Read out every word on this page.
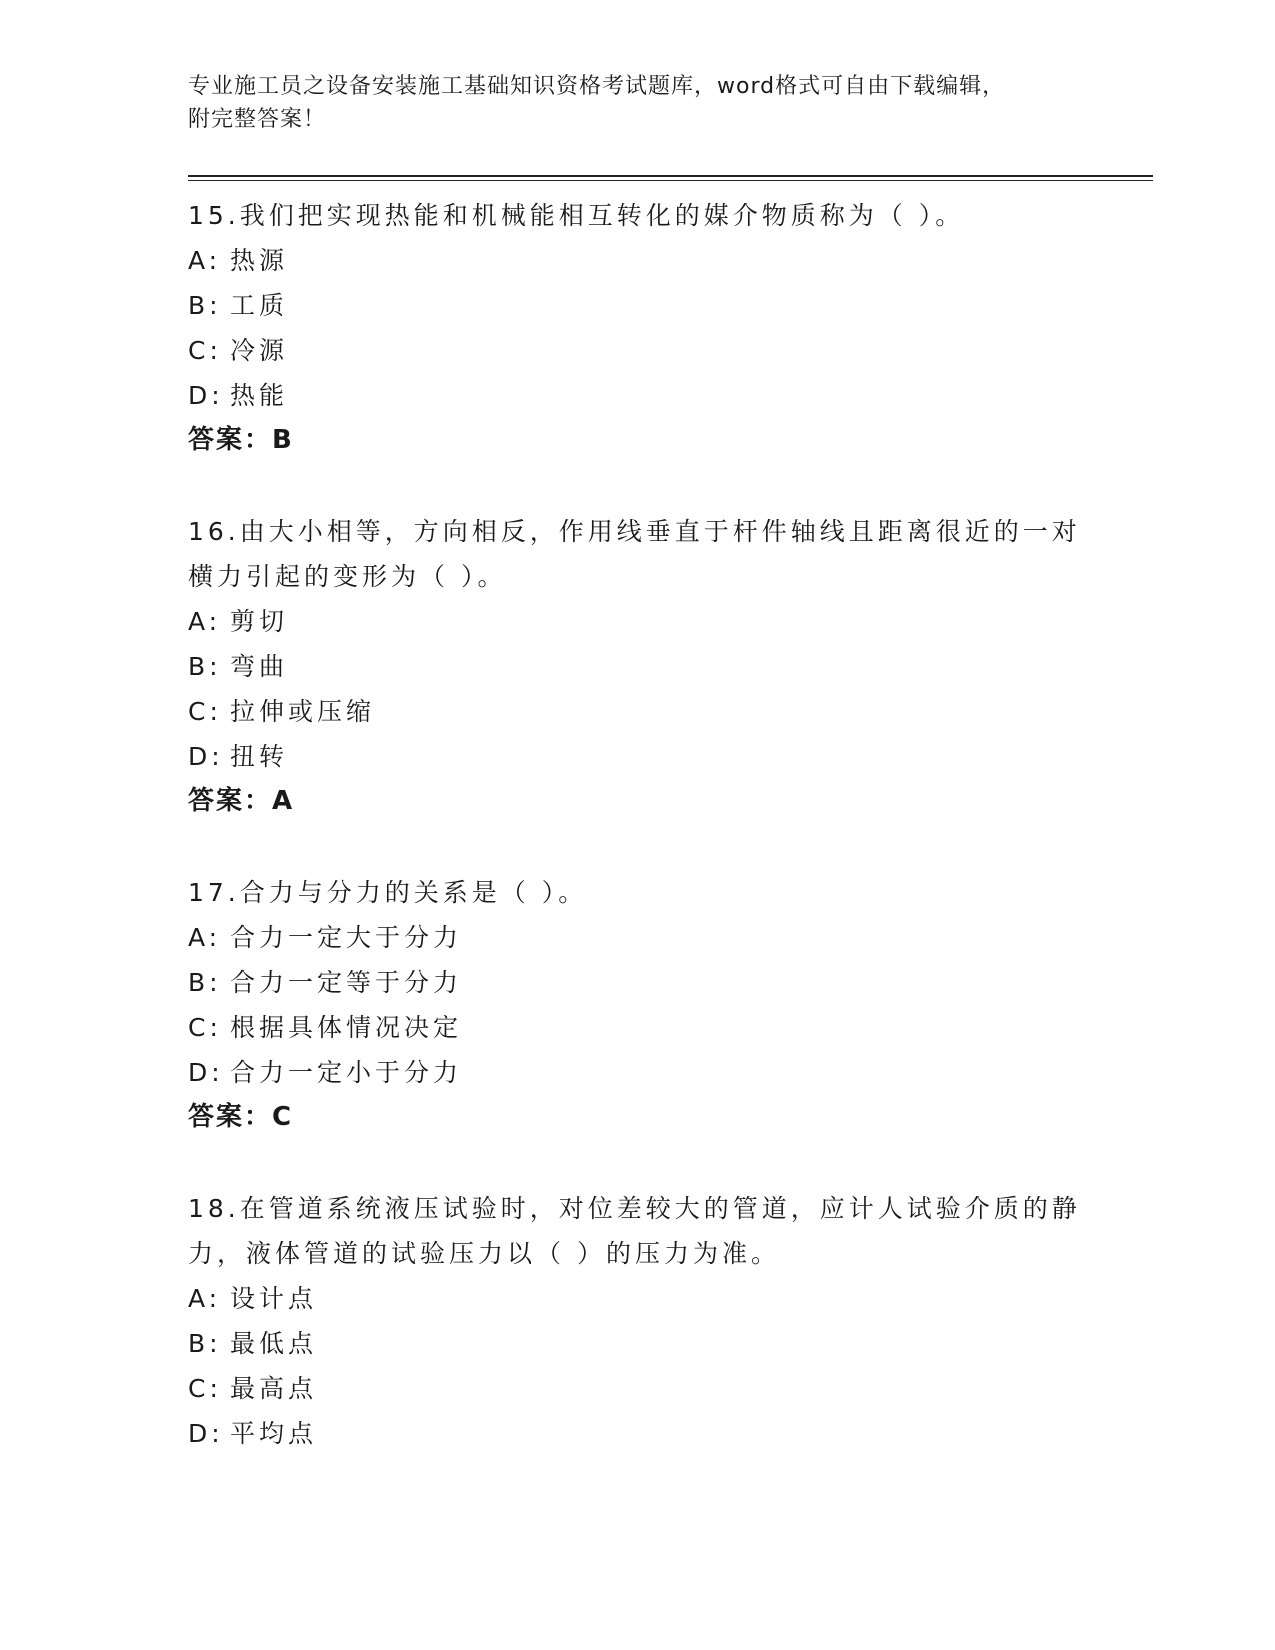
专业施工员之设备安装施工基础知识资格考试题库，word格式可自由下载编辑，
附完整答案！

15.我们把实现热能和机械能相互转化的媒介物质称为（ ）。

A: 热源

B: 工质

C: 冷源

D: 热能

答案：B

16.由大小相等，方向相反，作用线垂直于杆件轴线且距离很近的一对横力引起的变形为（ ）。

A: 剪切

B: 弯曲

C: 拉伸或压缩

D: 扭转

答案：A

17.合力与分力的关系是（ ）。

A: 合力一定大于分力

B: 合力一定等于分力

C: 根据具体情况决定

D: 合力一定小于分力

答案：C

18.在管道系统液压试验时，对位差较大的管道，应计人试验介质的静力，液体管道的试验压力以（ ）的压力为准。

A: 设计点

B: 最低点

C: 最高点

D: 平均点
